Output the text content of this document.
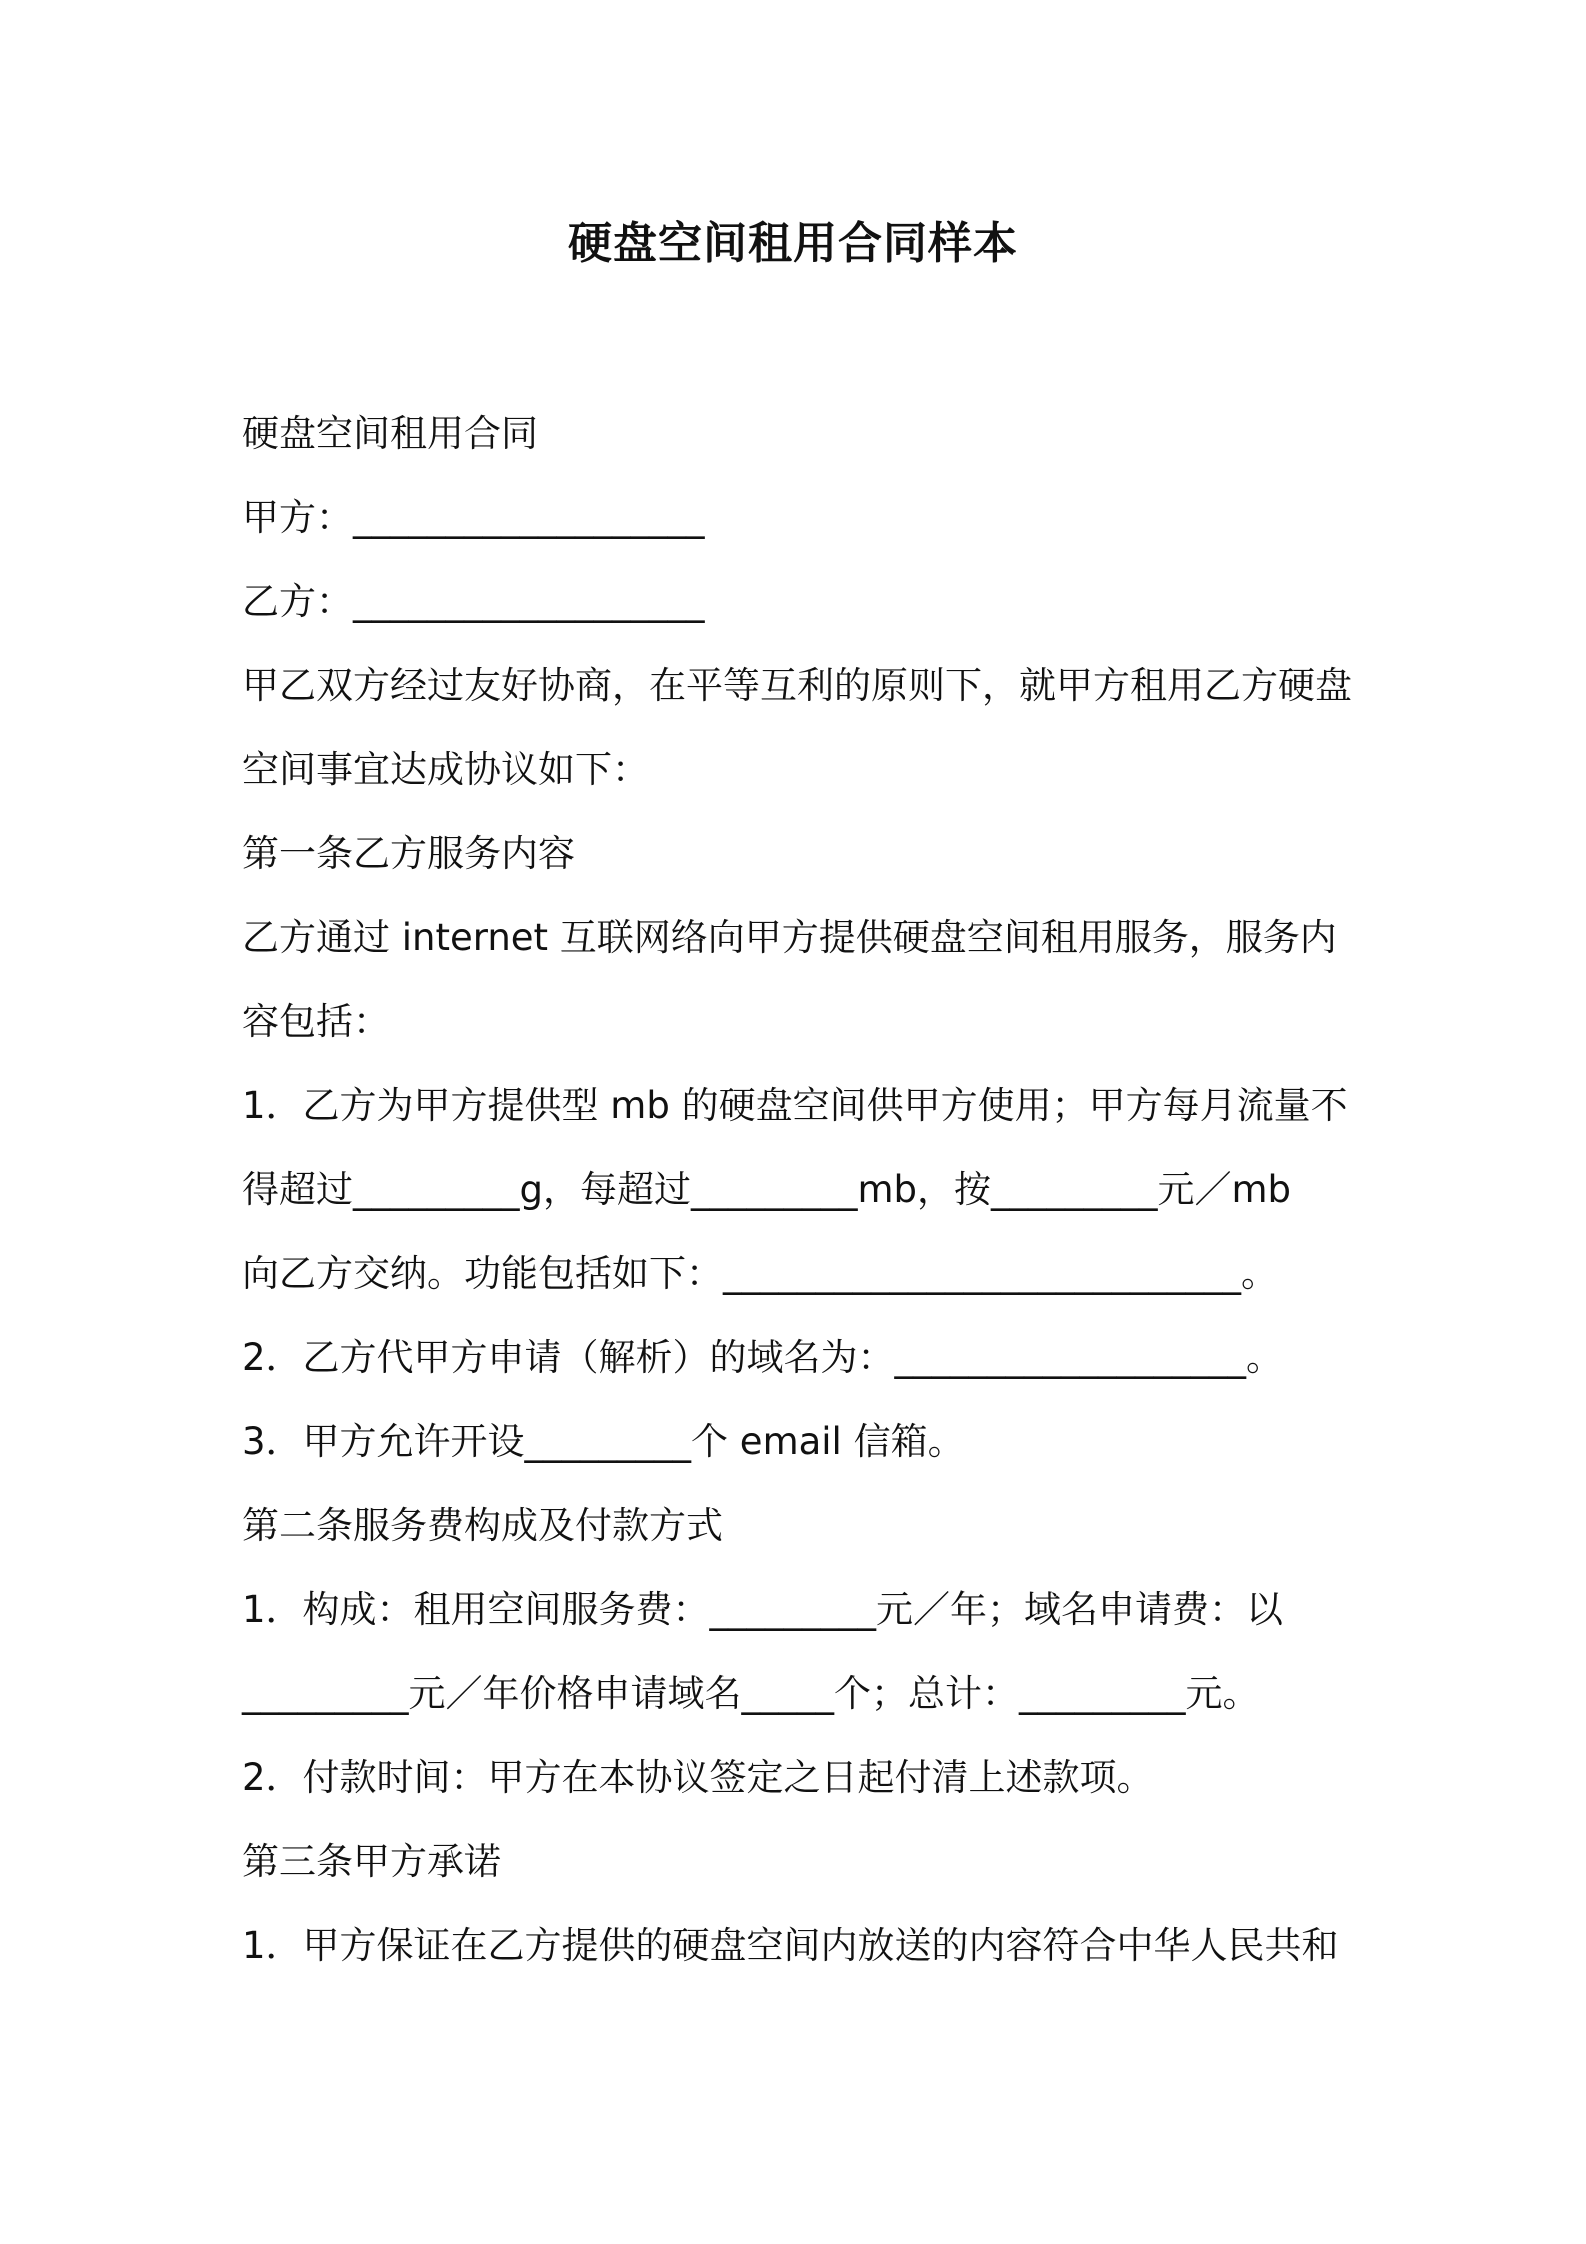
硬盘空间租用合同样本
硬盘空间租用合同
甲方：___________________
乙方：___________________
甲乙双方经过友好协商，在平等互利的原则下，就甲方租用乙方硬盘
空间事宜达成协议如下：
第一条乙方服务内容
乙方通过 internet 互联网络向甲方提供硬盘空间租用服务，服务内
容包括：
1．乙方为甲方提供型 mb 的硬盘空间供甲方使用；甲方每月流量不
得超过_________g，每超过_________mb，按_________元／mb
向乙方交纳。功能包括如下：____________________________。
2．乙方代甲方申请（解析）的域名为：___________________。
3．甲方允许开设_________个 email 信箱。
第二条服务费构成及付款方式
1．构成：租用空间服务费：_________元／年；域名申请费：以
_________元／年价格申请域名_____个；总计：_________元。
2．付款时间：甲方在本协议签定之日起付清上述款项。
第三条甲方承诺
1．甲方保证在乙方提供的硬盘空间内放送的内容符合中华人民共和
